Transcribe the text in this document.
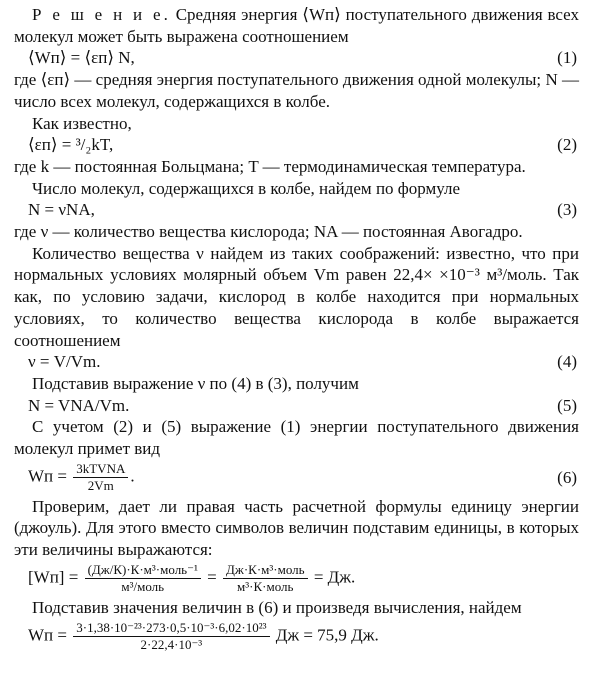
Р е ш е н и е. Средняя энергия ⟨Wп⟩ поступательного движения всех молекул может быть выражена соотношением

⟨Wп⟩ = ⟨εп⟩ N,	(1)

где ⟨εп⟩ — средняя энергия поступательного движения одной молекулы; N — число всех молекул, содержащихся в колбе.

Как известно,

⟨εп⟩ = ³/₂kT,	(2)

где k — постоянная Больцмана; T — термодинамическая температура.

Число молекул, содержащихся в колбе, найдем по формуле

N = νNA,	(3)

где ν — количество вещества кислорода; NA — постоянная Авогадро.

Количество вещества ν найдем из таких соображений: известно, что при нормальных условиях молярный объем Vm равен 22,4× ×10⁻³ м³/моль. Так как, по условию задачи, кислород в колбе находится при нормальных условиях, то количество вещества кислорода в колбе выражается соотношением

ν = V/Vm.	(4)

Подставив выражение ν по (4) в (3), получим

N = VNA/Vm.	(5)

С учетом (2) и (5) выражение (1) энергии поступательного движения молекул примет вид

Wп = $\frac{\text{3kTVNA}}{2Vm}$ .	(6)

Проверим, дает ли правая часть расчетной формулы единицу энергии (джоуль). Для этого вместо символов величин подставим единицы, в которых эти величины выражаются:

$[Wп] = \frac{\text{(Дж/К)·К·м³·моль⁻¹}}{\text{м³/моль}} = \frac{\text{Дж·К·м³·моль}}{\text{м³·К·моль}}$ = Дж.

Подставив значения величин в (6) и произведя вычисления, найдем

Wп = $\frac{\text{3·1,38·10⁻²³·273·0,5·10⁻³·6,02·10²³}}{\text{2·22,4·10⁻³}}$ Дж = 75,9 Дж.
